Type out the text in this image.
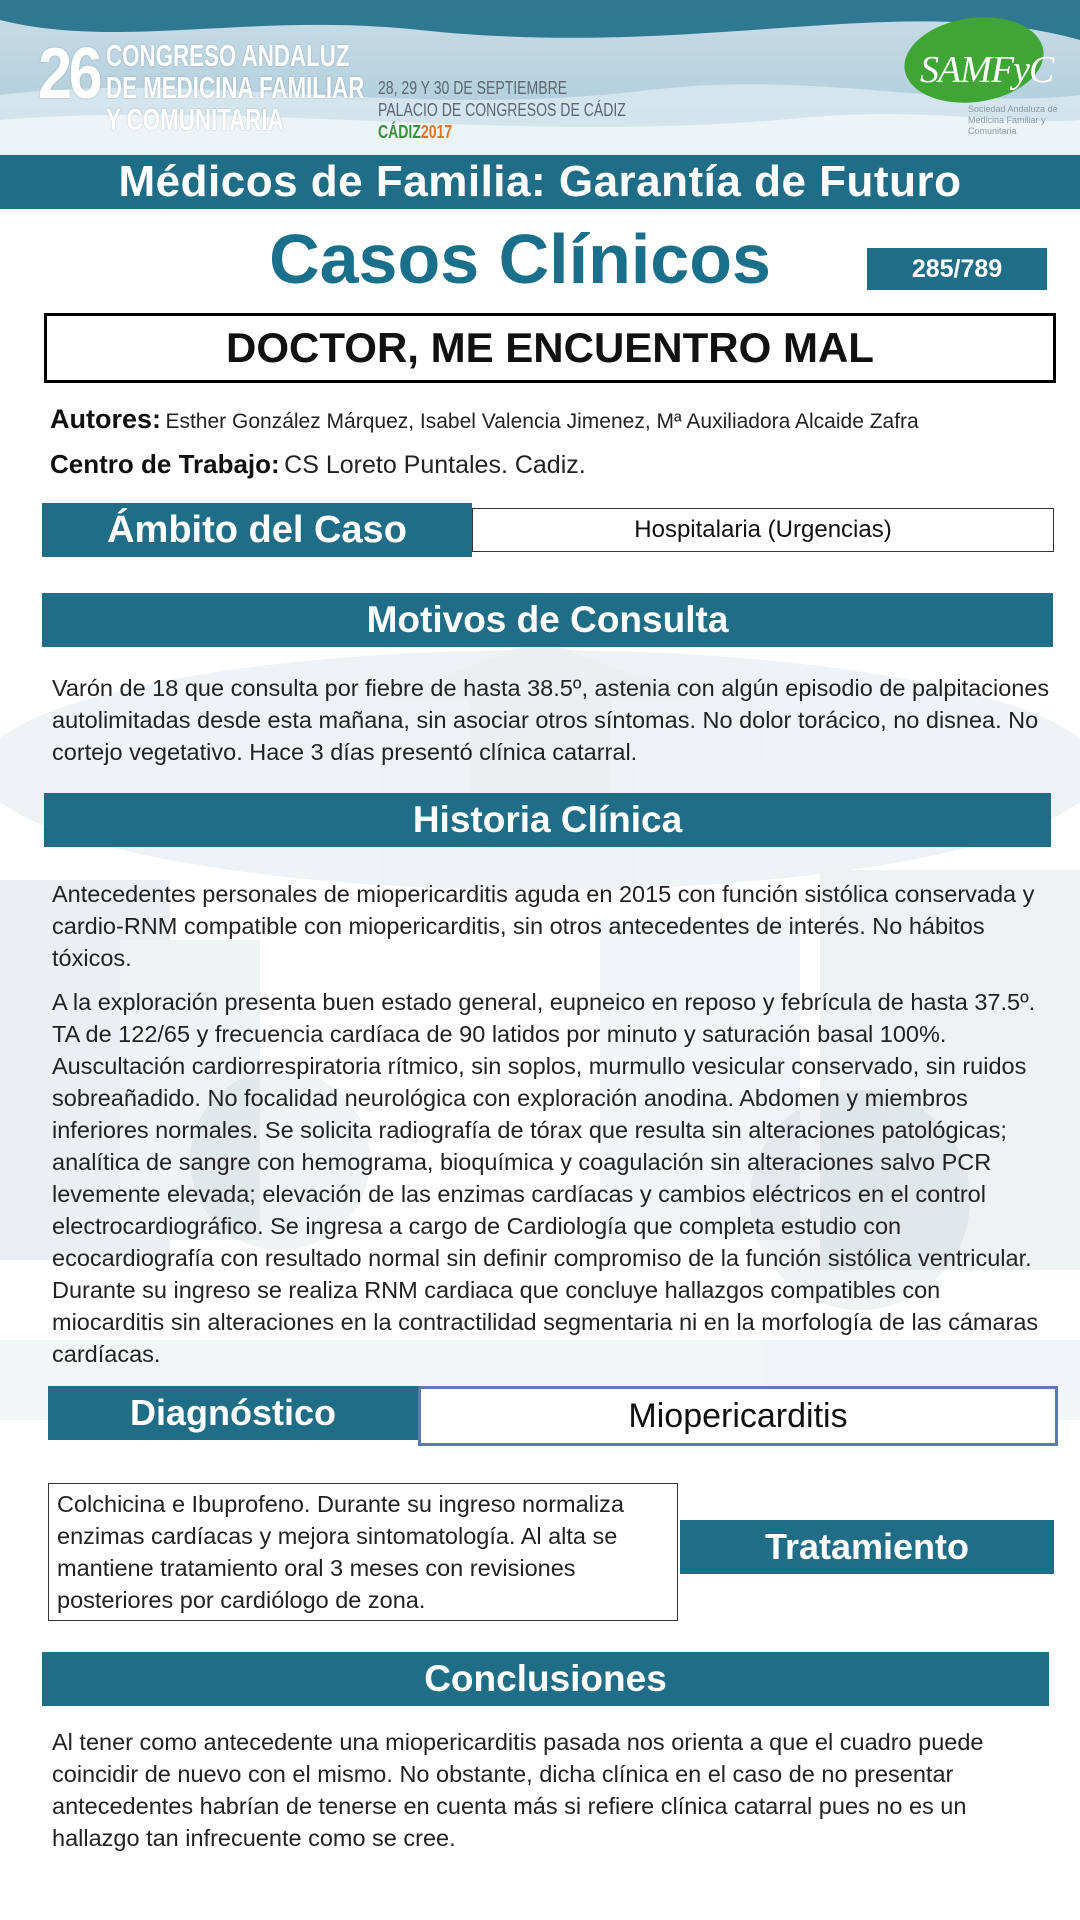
26 CONGRESO ANDALUZ
DE MEDICINA FAMILIAR
Y COMUNITARIA
28, 29 Y 30 DE SEPTIEMBRE
PALACIO DE CONGRESOS DE CÁDIZ
CÁDIZ2017
SAMFyC
Sociedad Andaluza de Medicina Familiar y Comunitaria
Médicos de Familia: Garantía de Futuro
Casos Clínicos	285/789
DOCTOR, ME ENCUENTRO MAL
Autores: Esther González Márquez, Isabel Valencia Jimenez, Mª Auxiliadora Alcaide Zafra
Centro de Trabajo: CS Loreto Puntales. Cadiz.
Ámbito del Caso	Hospitalaria (Urgencias)
Motivos de Consulta
Varón de 18 que consulta por fiebre de hasta 38.5º, astenia con algún episodio de palpitaciones autolimitadas desde esta mañana, sin asociar otros síntomas. No dolor torácico, no disnea. No cortejo vegetativo. Hace 3 días presentó clínica catarral.
Historia Clínica
Antecedentes personales de miopericarditis aguda en 2015 con función sistólica conservada y cardio-RNM compatible con miopericarditis, sin otros antecedentes de interés. No hábitos tóxicos.
A la exploración presenta buen estado general, eupneico en reposo y febrícula de hasta 37.5º. TA de 122/65 y frecuencia cardíaca de 90 latidos por minuto y saturación basal 100%. Auscultación cardiorrespiratoria rítmico, sin soplos, murmullo vesicular conservado, sin ruidos sobreañadido. No focalidad neurológica con exploración anodina. Abdomen y miembros inferiores normales. Se solicita radiografía de tórax que resulta sin alteraciones patológicas; analítica de sangre con hemograma, bioquímica y coagulación sin alteraciones salvo PCR levemente elevada; elevación de las enzimas cardíacas y cambios eléctricos en el control electrocardiográfico. Se ingresa a cargo de Cardiología que completa estudio con ecocardiografía con resultado normal sin definir compromiso de la función sistólica ventricular. Durante su ingreso se realiza RNM cardiaca que concluye hallazgos compatibles con miocarditis sin alteraciones en la contractilidad segmentaria ni en la morfología de las cámaras cardíacas.
Diagnóstico	Miopericarditis
Colchicina e Ibuprofeno. Durante su ingreso normaliza enzimas cardíacas y mejora sintomatología. Al alta se mantiene tratamiento oral 3 meses con revisiones posteriores por cardiólogo de zona.
Tratamiento
Conclusiones
Al tener como antecedente una miopericarditis pasada nos orienta a que el cuadro puede coincidir de nuevo con el mismo. No obstante, dicha clínica en el caso de no presentar antecedentes habrían de tenerse en cuenta más si refiere clínica catarral pues no es un hallazgo tan infrecuente como se cree.
